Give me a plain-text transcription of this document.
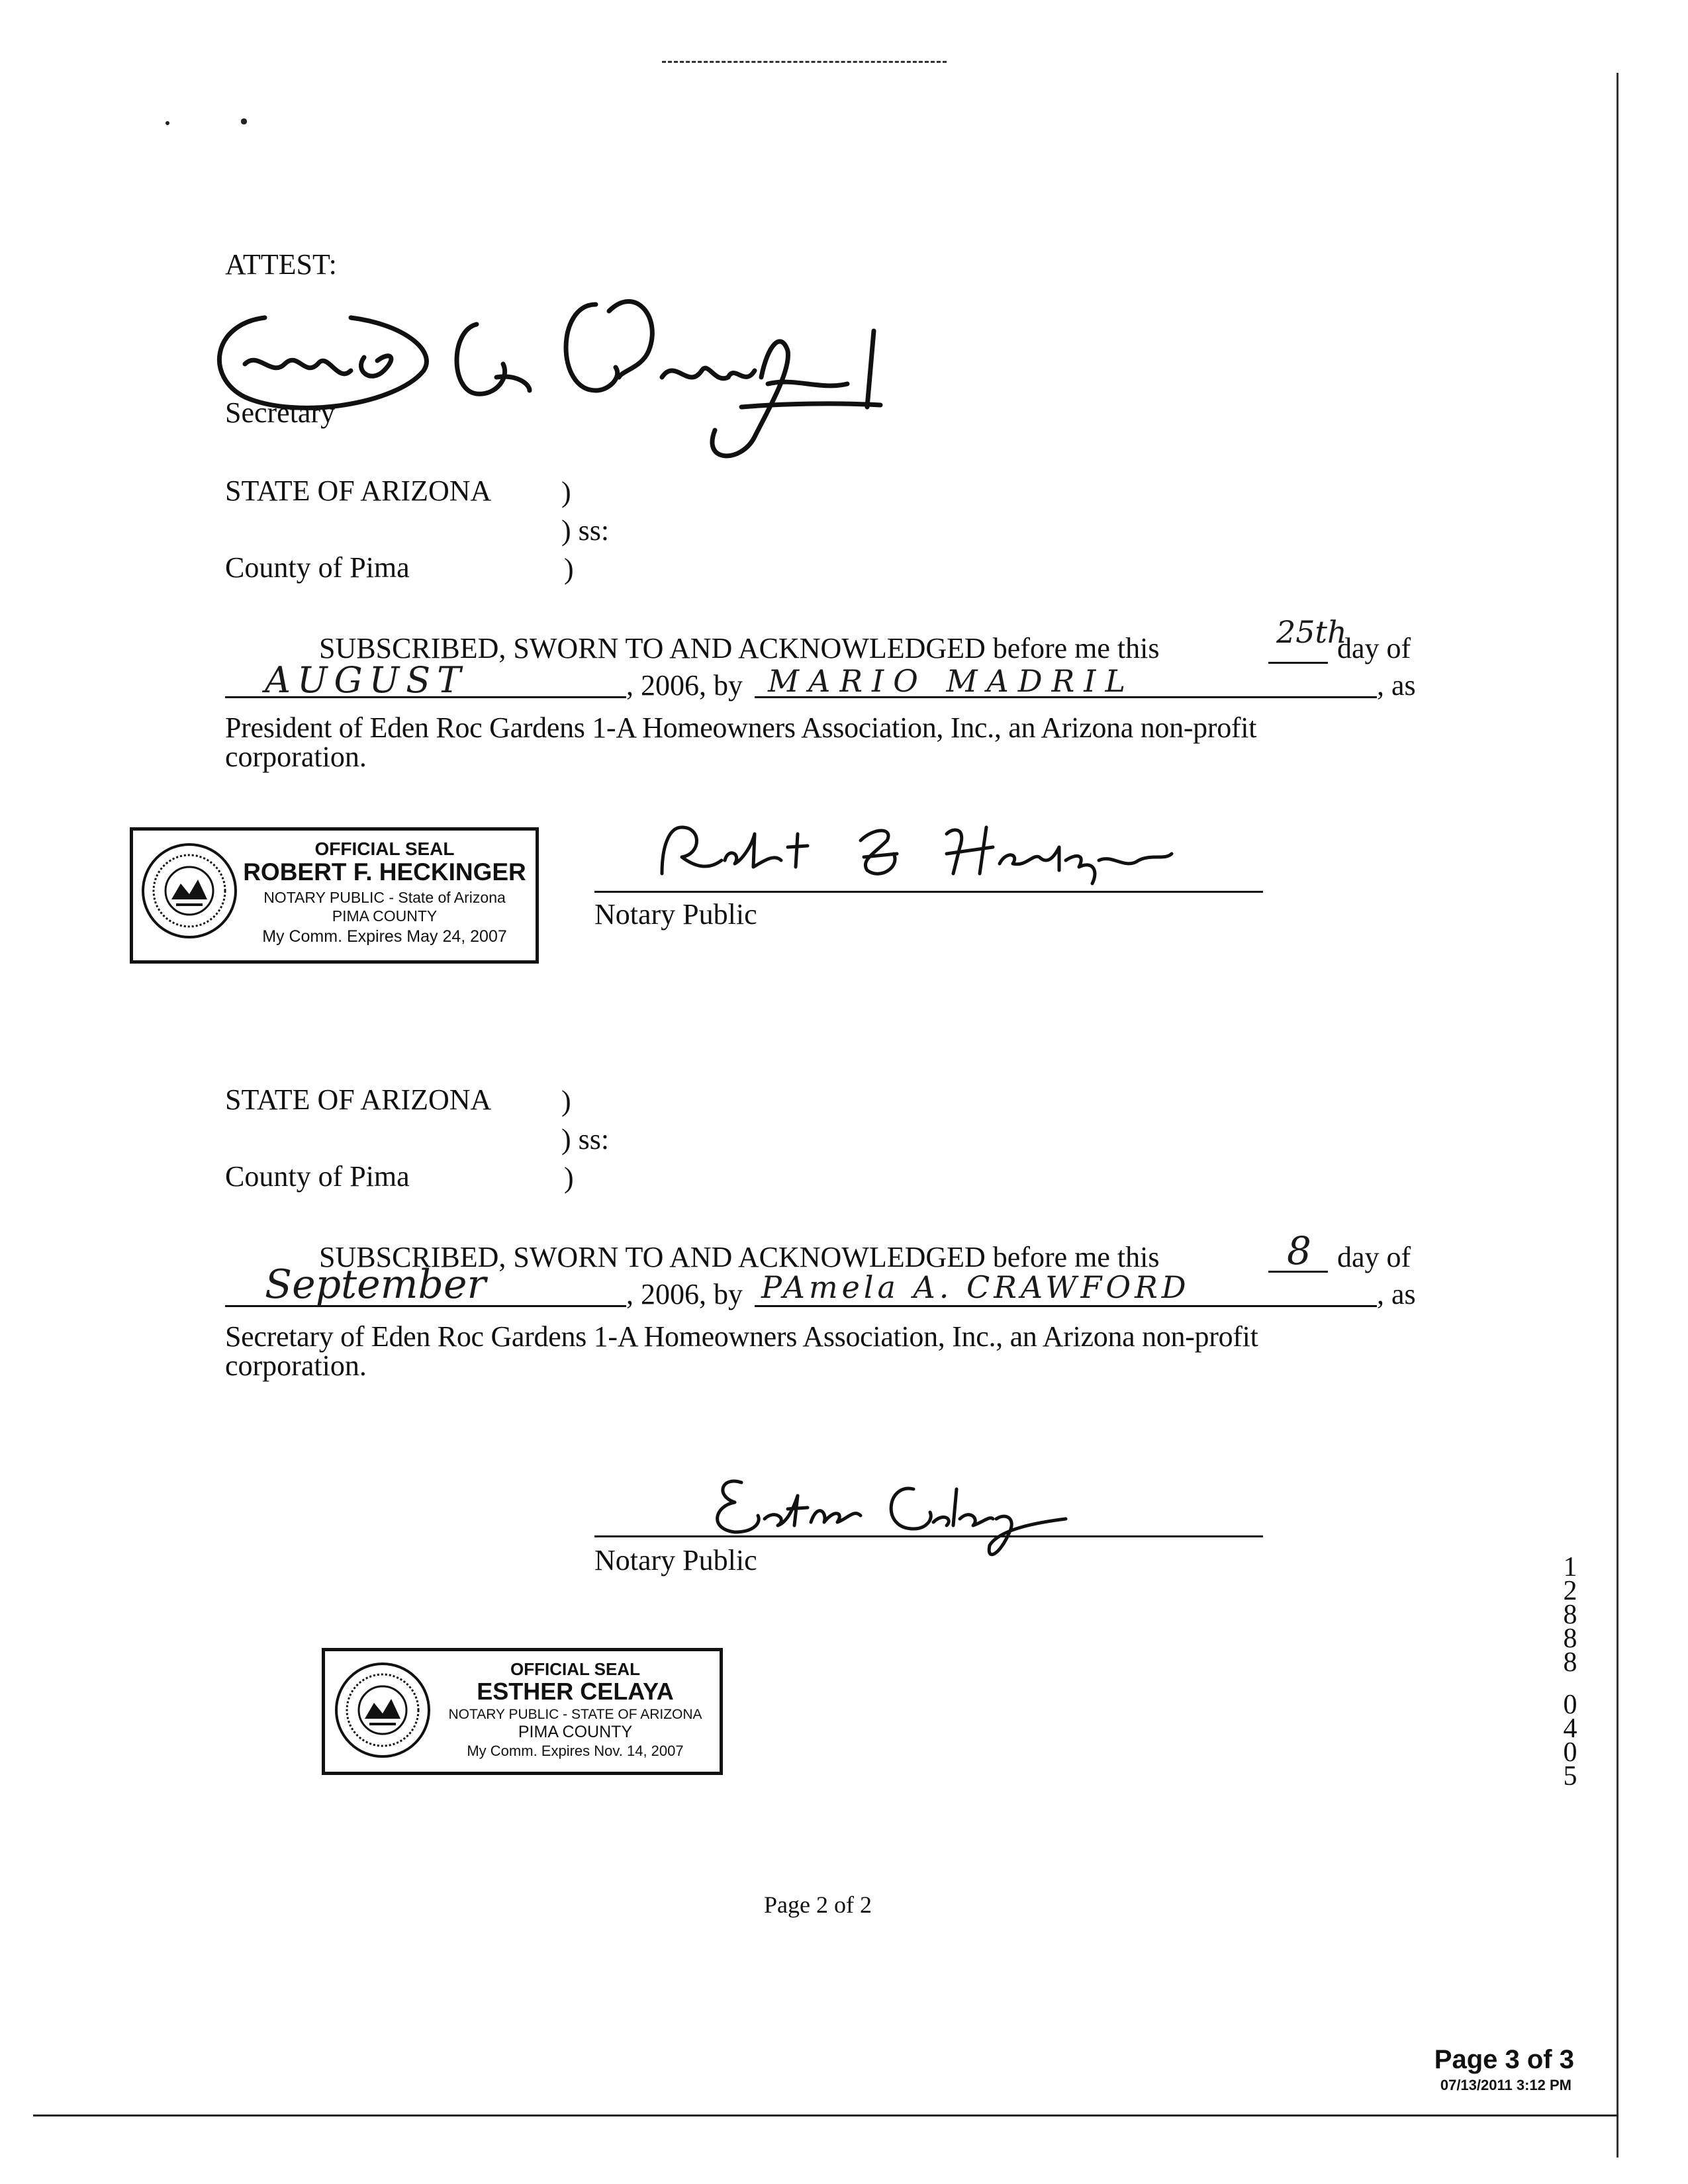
ATTEST:
Secretary
STATE OF ARIZONA )
) ss:
County of Pima	)
SUBSCRIBED, SWORN TO AND ACKNOWLEDGED before me this	25th
day of
AUGUST	, 2006, by MARIO MADRIL	, as
President of Eden Roc Gardens 1-A Homeowners Association, Inc., an Arizona non-profit
corporation.
OFFICIAL SEAL
ROBERT F. HECKINGER
NOTARY PUBLIC - State of Arizona
PIMA COUNTY
My Comm. Expires May 24, 2007
Notary Public
STATE OF ARIZONA )
) ss:
County of Pima	)
SUBSCRIBED, SWORN TO AND ACKNOWLEDGED before me this	8 day of
September	, 2006, by PAmela A. CRAWFORD	, as
Secretary of Eden Roc Gardens 1-A Homeowners Association, Inc., an Arizona non-profit
corporation.
Notary Public
OFFICIAL SEAL
ESTHER CELAYA
NOTARY PUBLIC - STATE OF ARIZONA
PIMA COUNTY
My Comm. Expires Nov. 14, 2007
12888
0405
Page 2 of 2
Page 3 of 3
07/13/2011 3:12 PM
